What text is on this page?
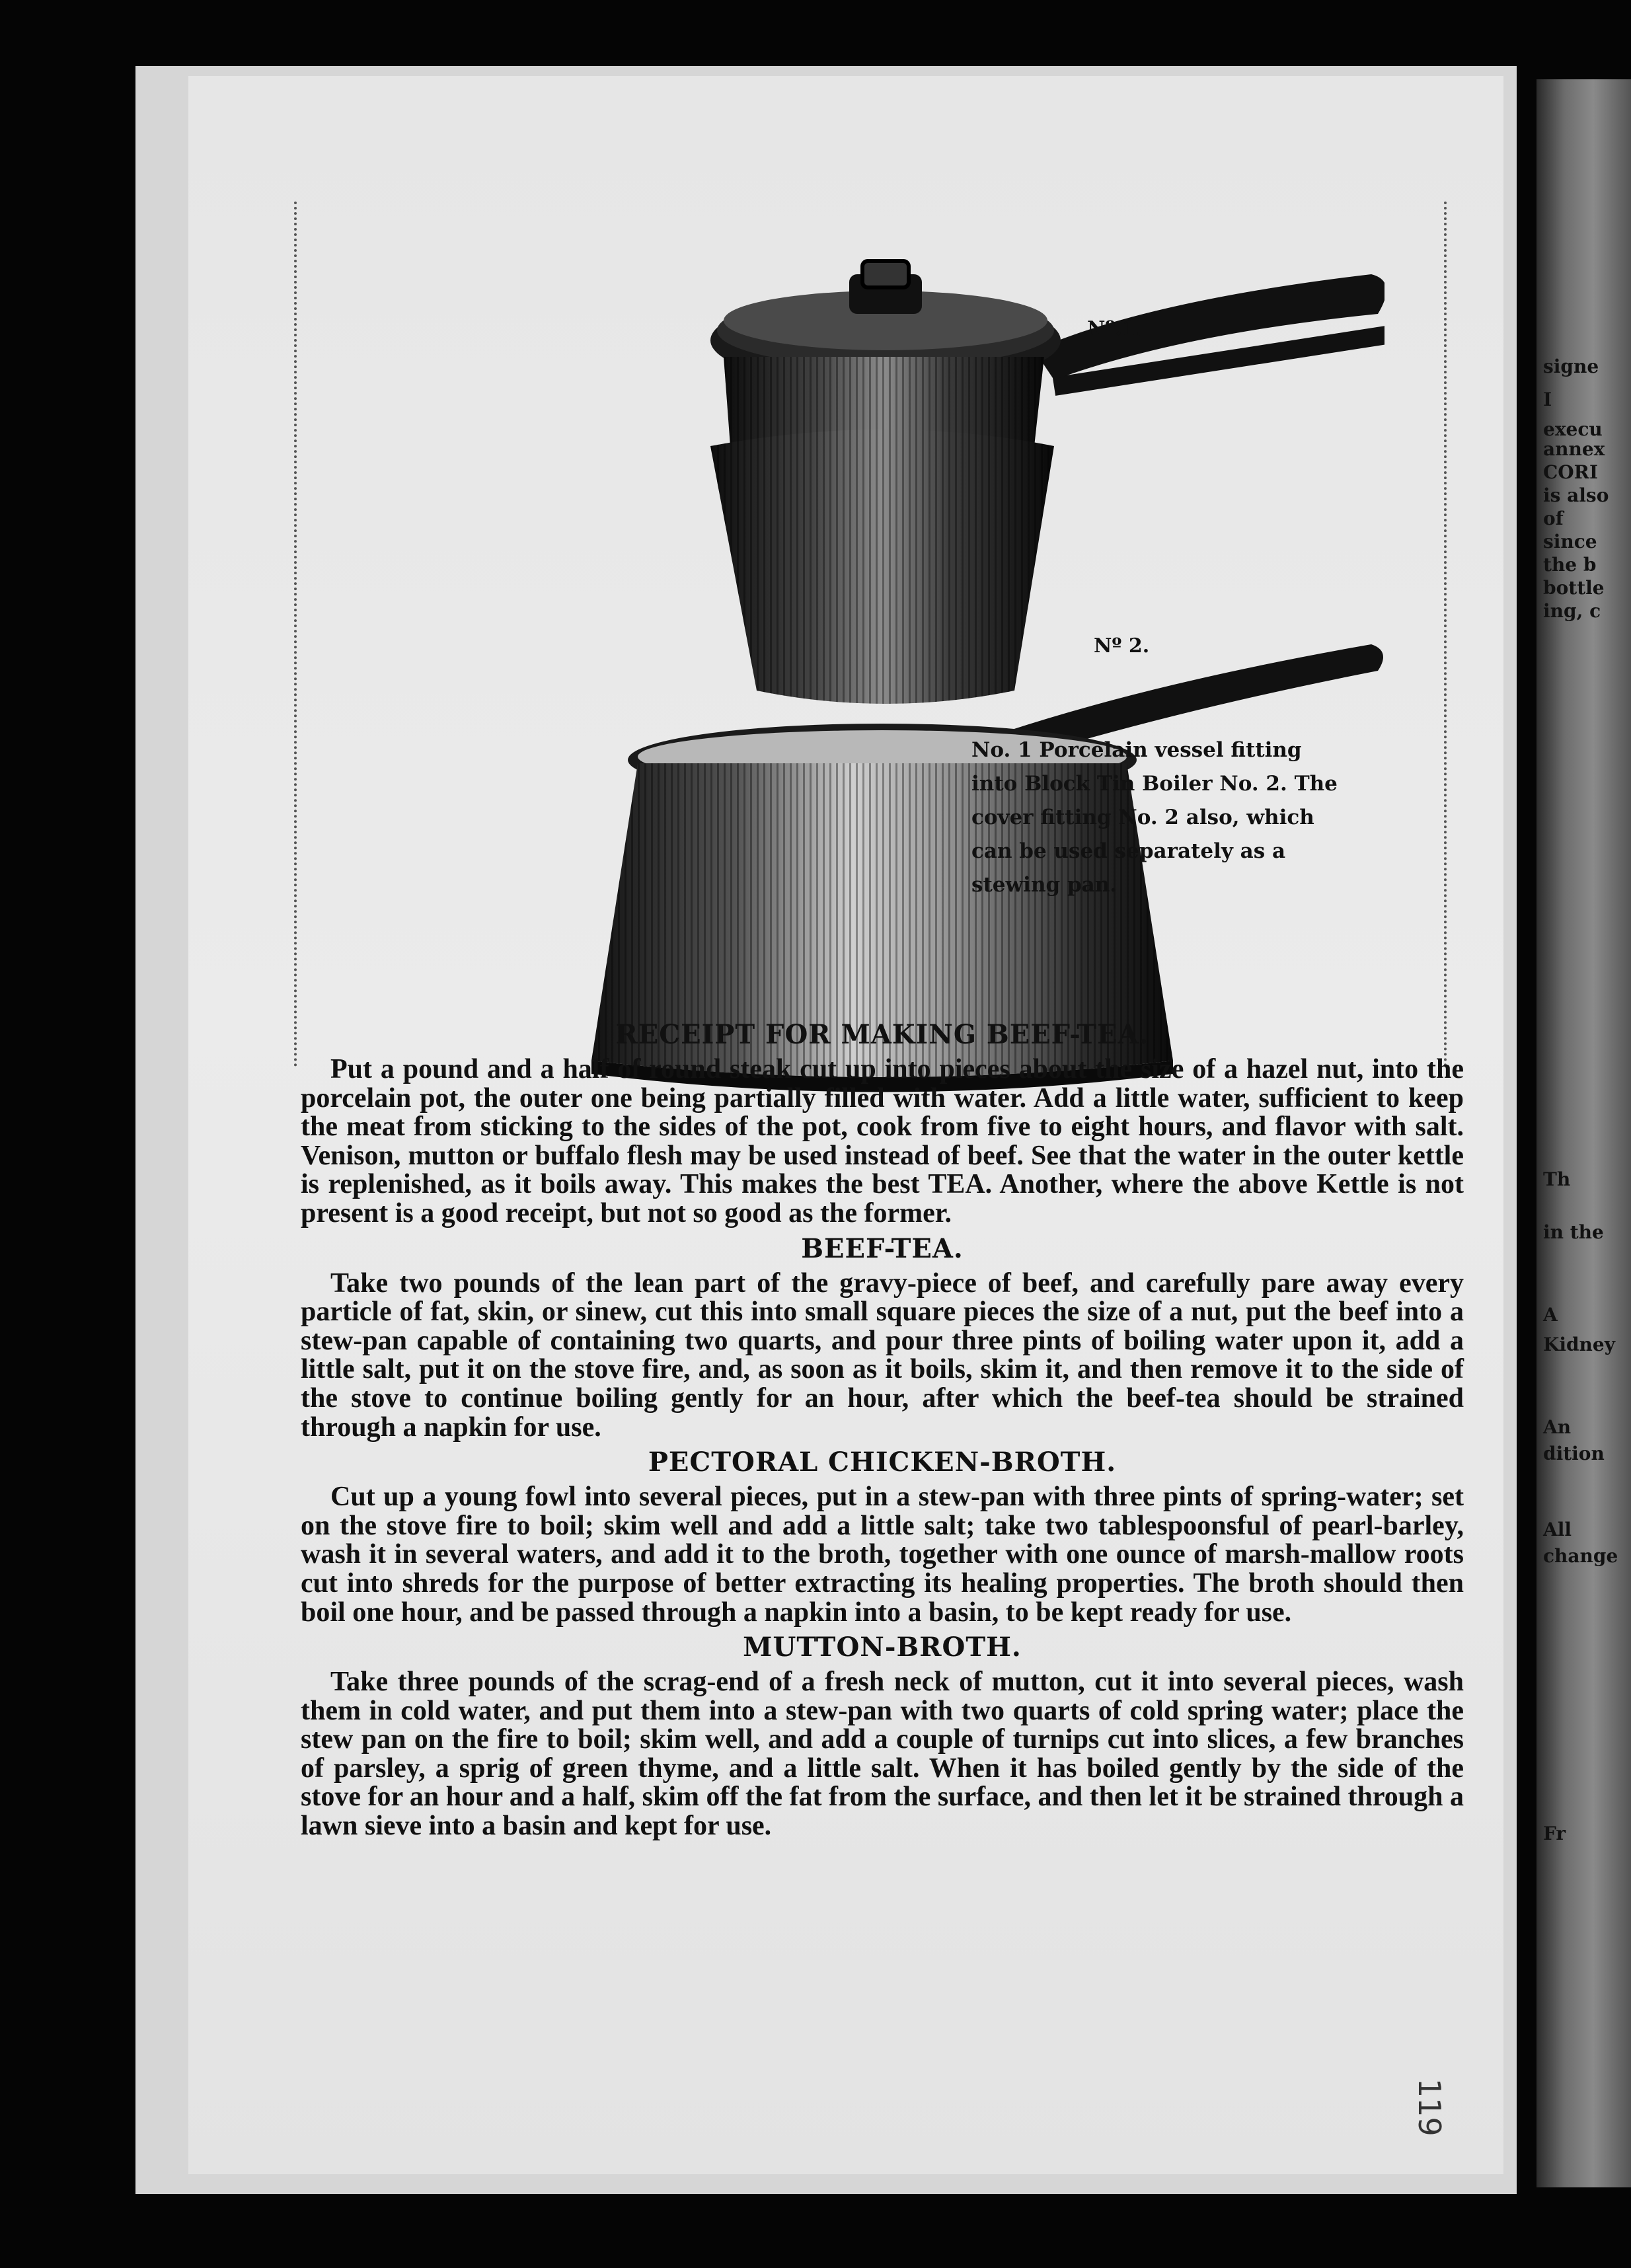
signe
I
execu
annex
CORI
is also
of
since
the b
bottle
ing, c
Th
in the
A
Kidney
An
dition
All
change
Fr
Nº.1.
Nº 2.
No. 1 Porcelain vessel fitting into Block Tin Boiler No. 2. The cover fitting No. 2 also, which can be used separately as a stewing pan.
RECEIPT FOR MAKING BEEF-TEA.

Put a pound and a half of round steak cut up into pieces about the size of a hazel nut, into the porcelain pot, the outer one being partially filled with water. Add a little water, sufficient to keep the meat from sticking to the sides of the pot, cook from five to eight hours, and flavor with salt. Venison, mutton or buffalo flesh may be used instead of beef. See that the water in the outer kettle is replenished, as it boils away. This makes the best TEA. Another, where the above Kettle is not present is a good receipt, but not so good as the former.

BEEF-TEA.

Take two pounds of the lean part of the gravy-piece of beef, and carefully pare away every particle of fat, skin, or sinew, cut this into small square pieces the size of a nut, put the beef into a stew-pan capable of containing two quarts, and pour three pints of boiling water upon it, add a little salt, put it on the stove fire, and, as soon as it boils, skim it, and then remove it to the side of the stove to continue boiling gently for an hour, after which the beef-tea should be strained through a napkin for use.

PECTORAL CHICKEN-BROTH.

Cut up a young fowl into several pieces, put in a stew-pan with three pints of spring-water; set on the stove fire to boil; skim well and add a little salt; take two tablespoonsful of pearl-barley, wash it in several waters, and add it to the broth, together with one ounce of marsh-mallow roots cut into shreds for the purpose of better extracting its healing properties. The broth should then boil one hour, and be passed through a napkin into a basin, to be kept ready for use.

MUTTON-BROTH.

Take three pounds of the scrag-end of a fresh neck of mutton, cut it into several pieces, wash them in cold water, and put them into a stew-pan with two quarts of cold spring water; place the stew pan on the fire to boil; skim well, and add a couple of turnips cut into slices, a few branches of parsley, a sprig of green thyme, and a little salt. When it has boiled gently by the side of the stove for an hour and a half, skim off the fat from the surface, and then let it be strained through a lawn sieve into a basin and kept for use.

119
